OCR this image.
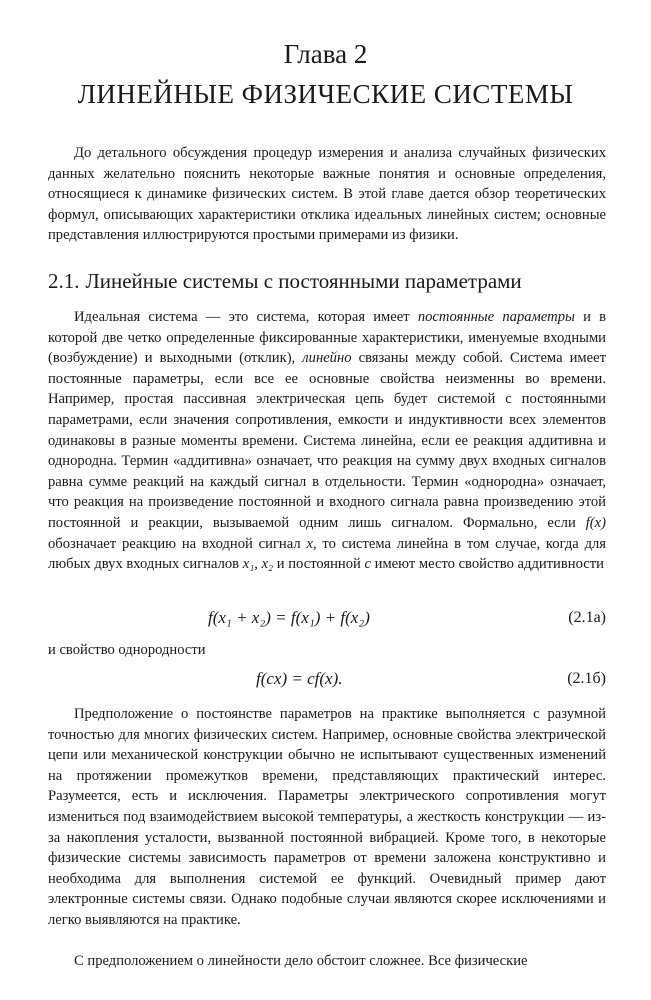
Глава 2
ЛИНЕЙНЫЕ ФИЗИЧЕСКИЕ СИСТЕМЫ

До детального обсуждения процедур измерения и анализа случайных физических данных желательно пояснить некоторые важные понятия и основные определения, относящиеся к динамике физических систем. В этой главе дается обзор теоретических формул, описывающих характеристики отклика идеальных линейных систем; основные представления иллюстрируются простыми примерами из физики.

2.1. Линейные системы с постоянными параметрами

Идеальная система — это система, которая имеет постоянные параметры и в которой две четко определенные фиксированные характеристики, именуемые входными (возбуждение) и выходными (отклик), линейно связаны между собой. Система имеет постоянные параметры, если все ее основные свойства неизменны во времени. Например, простая пассивная электрическая цепь будет системой с постоянными параметрами, если значения сопротивления, емкости и индуктивности всех элементов одинаковы в разные моменты времени. Система линейна, если ее реакция аддитивна и однородна. Термин «аддитивна» означает, что реакция на сумму двух входных сигналов равна сумме реакций на каждый сигнал в отдельности. Термин «однородна» означает, что реакция на произведение постоянной и входного сигнала равна произведению этой постоянной и реакции, вызываемой одним лишь сигналом. Формально, если f(x) обозначает реакцию на входной сигнал x, то система линейна в том случае, когда для любых двух входных сигналов x₁, x₂ и постоянной c имеют место свойство аддитивности

f(x₁ + x₂) = f(x₁) + f(x₂)	(2.1a)
и свойство однородности
f(cx) = cf(x).	(2.1б)

Предположение о постоянстве параметров на практике выполняется с разумной точностью для многих физических систем. Например, основные свойства электрической цепи или механической конструкции обычно не испытывают существенных изменений на протяжении промежутков времени, представляющих практический интерес. Разумеется, есть и исключения. Параметры электрического сопротивления могут измениться под взаимодействием высокой температуры, а жесткость конструкции — из-за накопления усталости, вызванной постоянной вибрацией. Кроме того, в некоторые физические системы зависимость параметров от времени заложена конструктивно и необходима для выполнения системой ее функций. Очевидный пример дают электронные системы связи. Однако подобные случаи являются скорее исключениями и легко выявляются на практике.

С предположением о линейности дело обстоит сложнее. Все физические
